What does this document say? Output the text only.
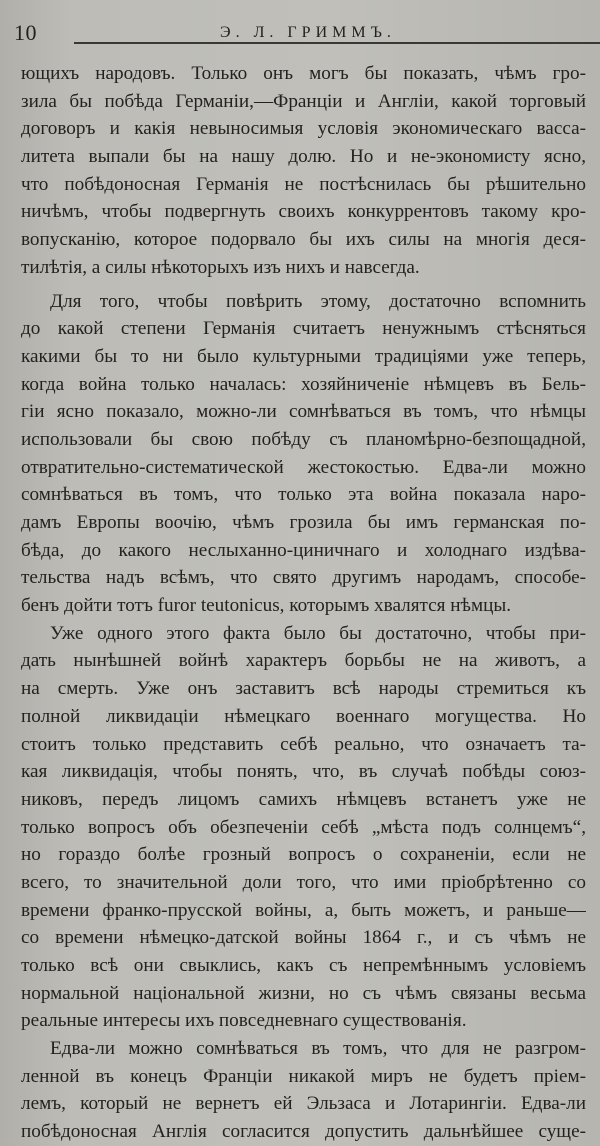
10	Э. Л. ГРИММЪ.
ющихъ народовъ. Только онъ могъ бы показать, чѣмъ гро-
зила бы побѣда Германіи,—Франціи и Англіи, какой торговый
договоръ и какія невыносимыя условія экономическаго васса-
литета выпали бы на нашу долю. Но и не-экономисту ясно,
что побѣдоносная Германія не постѣснилась бы рѣшительно
ничѣмъ, чтобы подвергнуть своихъ конкуррентовъ такому кро-
вопусканію, которое подорвало бы ихъ силы на многія деся-
тилѣтія, а силы нѣкоторыхъ изъ нихъ и навсегда.
Для того, чтобы повѣрить этому, достаточно вспомнить
до какой степени Германія считаетъ ненужнымъ стѣсняться
какими бы то ни было культурными традиціями уже теперь,
когда война только началась: хозяйниченіе нѣмцевъ въ Бель-
гіи ясно показало, можно-ли сомнѣваться въ томъ, что нѣмцы
использовали бы свою побѣду съ планомѣрно-безпощадной,
отвратительно-систематической жестокостью. Едва-ли можно
сомнѣваться въ томъ, что только эта война показала наро-
дамъ Европы воочію, чѣмъ грозила бы имъ германская по-
бѣда, до какого неслыханно-циничнаго и холоднаго издѣва-
тельства надъ всѣмъ, что свято другимъ народамъ, способе-
бенъ дойти тотъ furor teutonicus, которымъ хвалятся нѣмцы.
Уже одного этого факта было бы достаточно, чтобы при-
дать нынѣшней войнѣ характеръ борьбы не на животъ, а
на смерть. Уже онъ заставитъ всѣ народы стремиться къ
полной ликвидаціи нѣмецкаго военнаго могущества. Но
стоитъ только представить себѣ реально, что означаетъ та-
кая ликвидація, чтобы понять, что, въ случаѣ побѣды союз-
никовъ, передъ лицомъ самихъ нѣмцевъ встанетъ уже не
только вопросъ объ обезпеченіи себѣ „мѣста подъ солнцемъ“,
но гораздо болѣе грозный вопросъ о сохраненіи, если не
всего, то значительной доли того, что ими пріобрѣтенно со
времени франко-прусской войны, а, быть можетъ, и раньше—
со времени нѣмецко-датской войны 1864 г., и съ чѣмъ не
только всѣ они свыклись, какъ съ непремѣннымъ условіемъ
нормальной національной жизни, но съ чѣмъ связаны весьма
реальные интересы ихъ повседневнаго существованія.
Едва-ли можно сомнѣваться въ томъ, что для не разгром-
ленной въ конецъ Франціи никакой миръ не будетъ пріем-
лемъ, который не вернетъ ей Эльзаса и Лотарингіи. Едва-ли
побѣдоносная Англія согласится допустить дальнѣйшее суще-
